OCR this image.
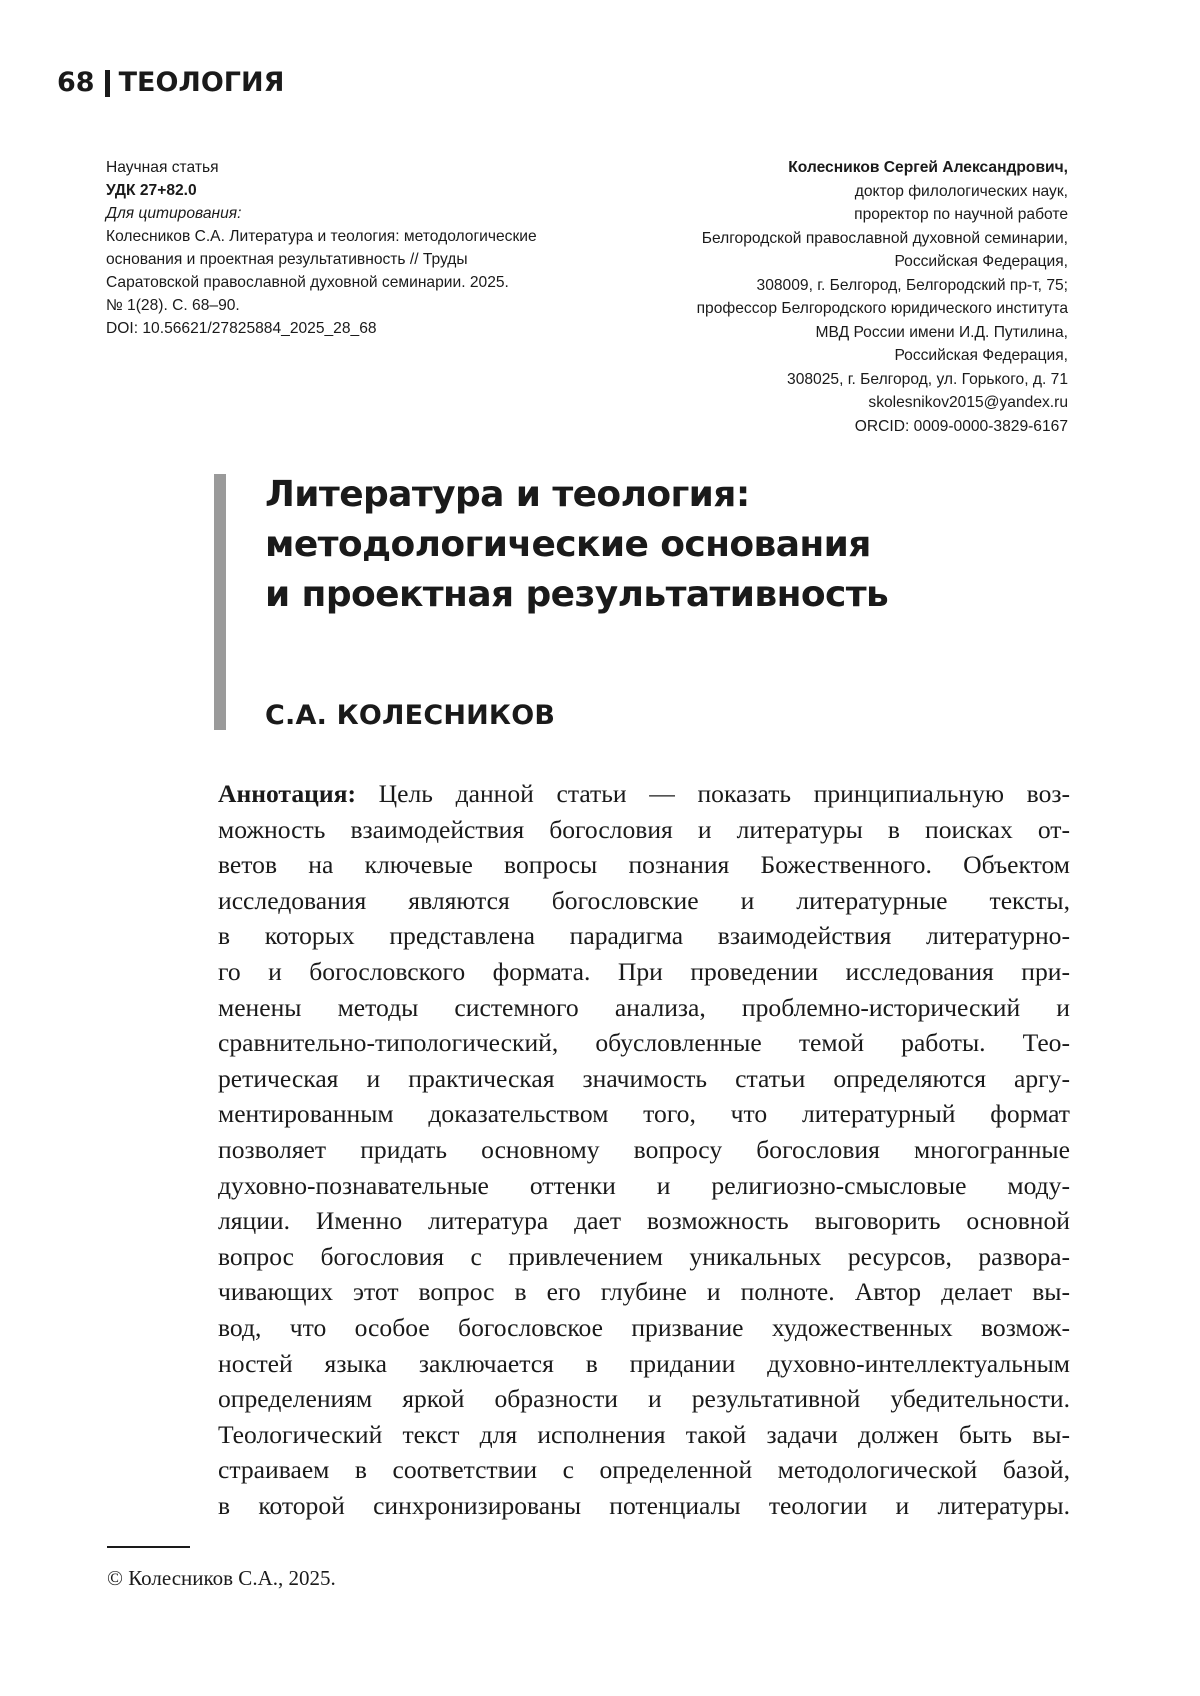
68 ТЕОЛОГИЯ
Научная статья
УДК 27+82.0
Для цитирования:
Колесников С.А. Литература и теология: методологические
основания и проектная результативность // Труды
Саратовской православной духовной семинарии. 2025.
№ 1(28). С. 68–90.
DOI: 10.56621/27825884_2025_28_68
Колесников Сергей Александрович,
доктор филологических наук,
проректор по научной работе
Белгородской православной духовной семинарии,
Российская Федерация,
308009, г. Белгород, Белгородский пр-т, 75;
профессор Белгородского юридического института
МВД России имени И.Д. Путилина,
Российская Федерация,
308025, г. Белгород, ул. Горького, д. 71
skolesnikov2015@yandex.ru
ORCID: 0009-0000-3829-6167
Литература и теология:
методологические основания
и проектная результативность
С.А. КОЛЕСНИКОВ
Аннотация: Цель данной статьи — показать принципиальную воз-
можность взаимодействия богословия и литературы в поисках от-
ветов на ключевые вопросы познания Божественного. Объектом
исследования являются богословские и литературные тексты,
в которых представлена парадигма взаимодействия литературно-
го и богословского формата. При проведении исследования при-
менены методы системного анализа, проблемно-исторический и
сравнительно-типологический, обусловленные темой работы. Тео-
ретическая и практическая значимость статьи определяются аргу-
ментированным доказательством того, что литературный формат
позволяет придать основному вопросу богословия многогранные
духовно-познавательные оттенки и религиозно-смысловые моду-
ляции. Именно литература дает возможность выговорить основной
вопрос богословия с привлечением уникальных ресурсов, развора-
чивающих этот вопрос в его глубине и полноте. Автор делает вы-
вод, что особое богословское призвание художественных возмож-
ностей языка заключается в придании духовно-интеллектуальным
определениям яркой образности и результативной убедительности.
Теологический текст для исполнения такой задачи должен быть вы-
страиваем в соответствии с определенной методологической базой,
в которой синхронизированы потенциалы теологии и литературы.
© Колесников С.А., 2025.
